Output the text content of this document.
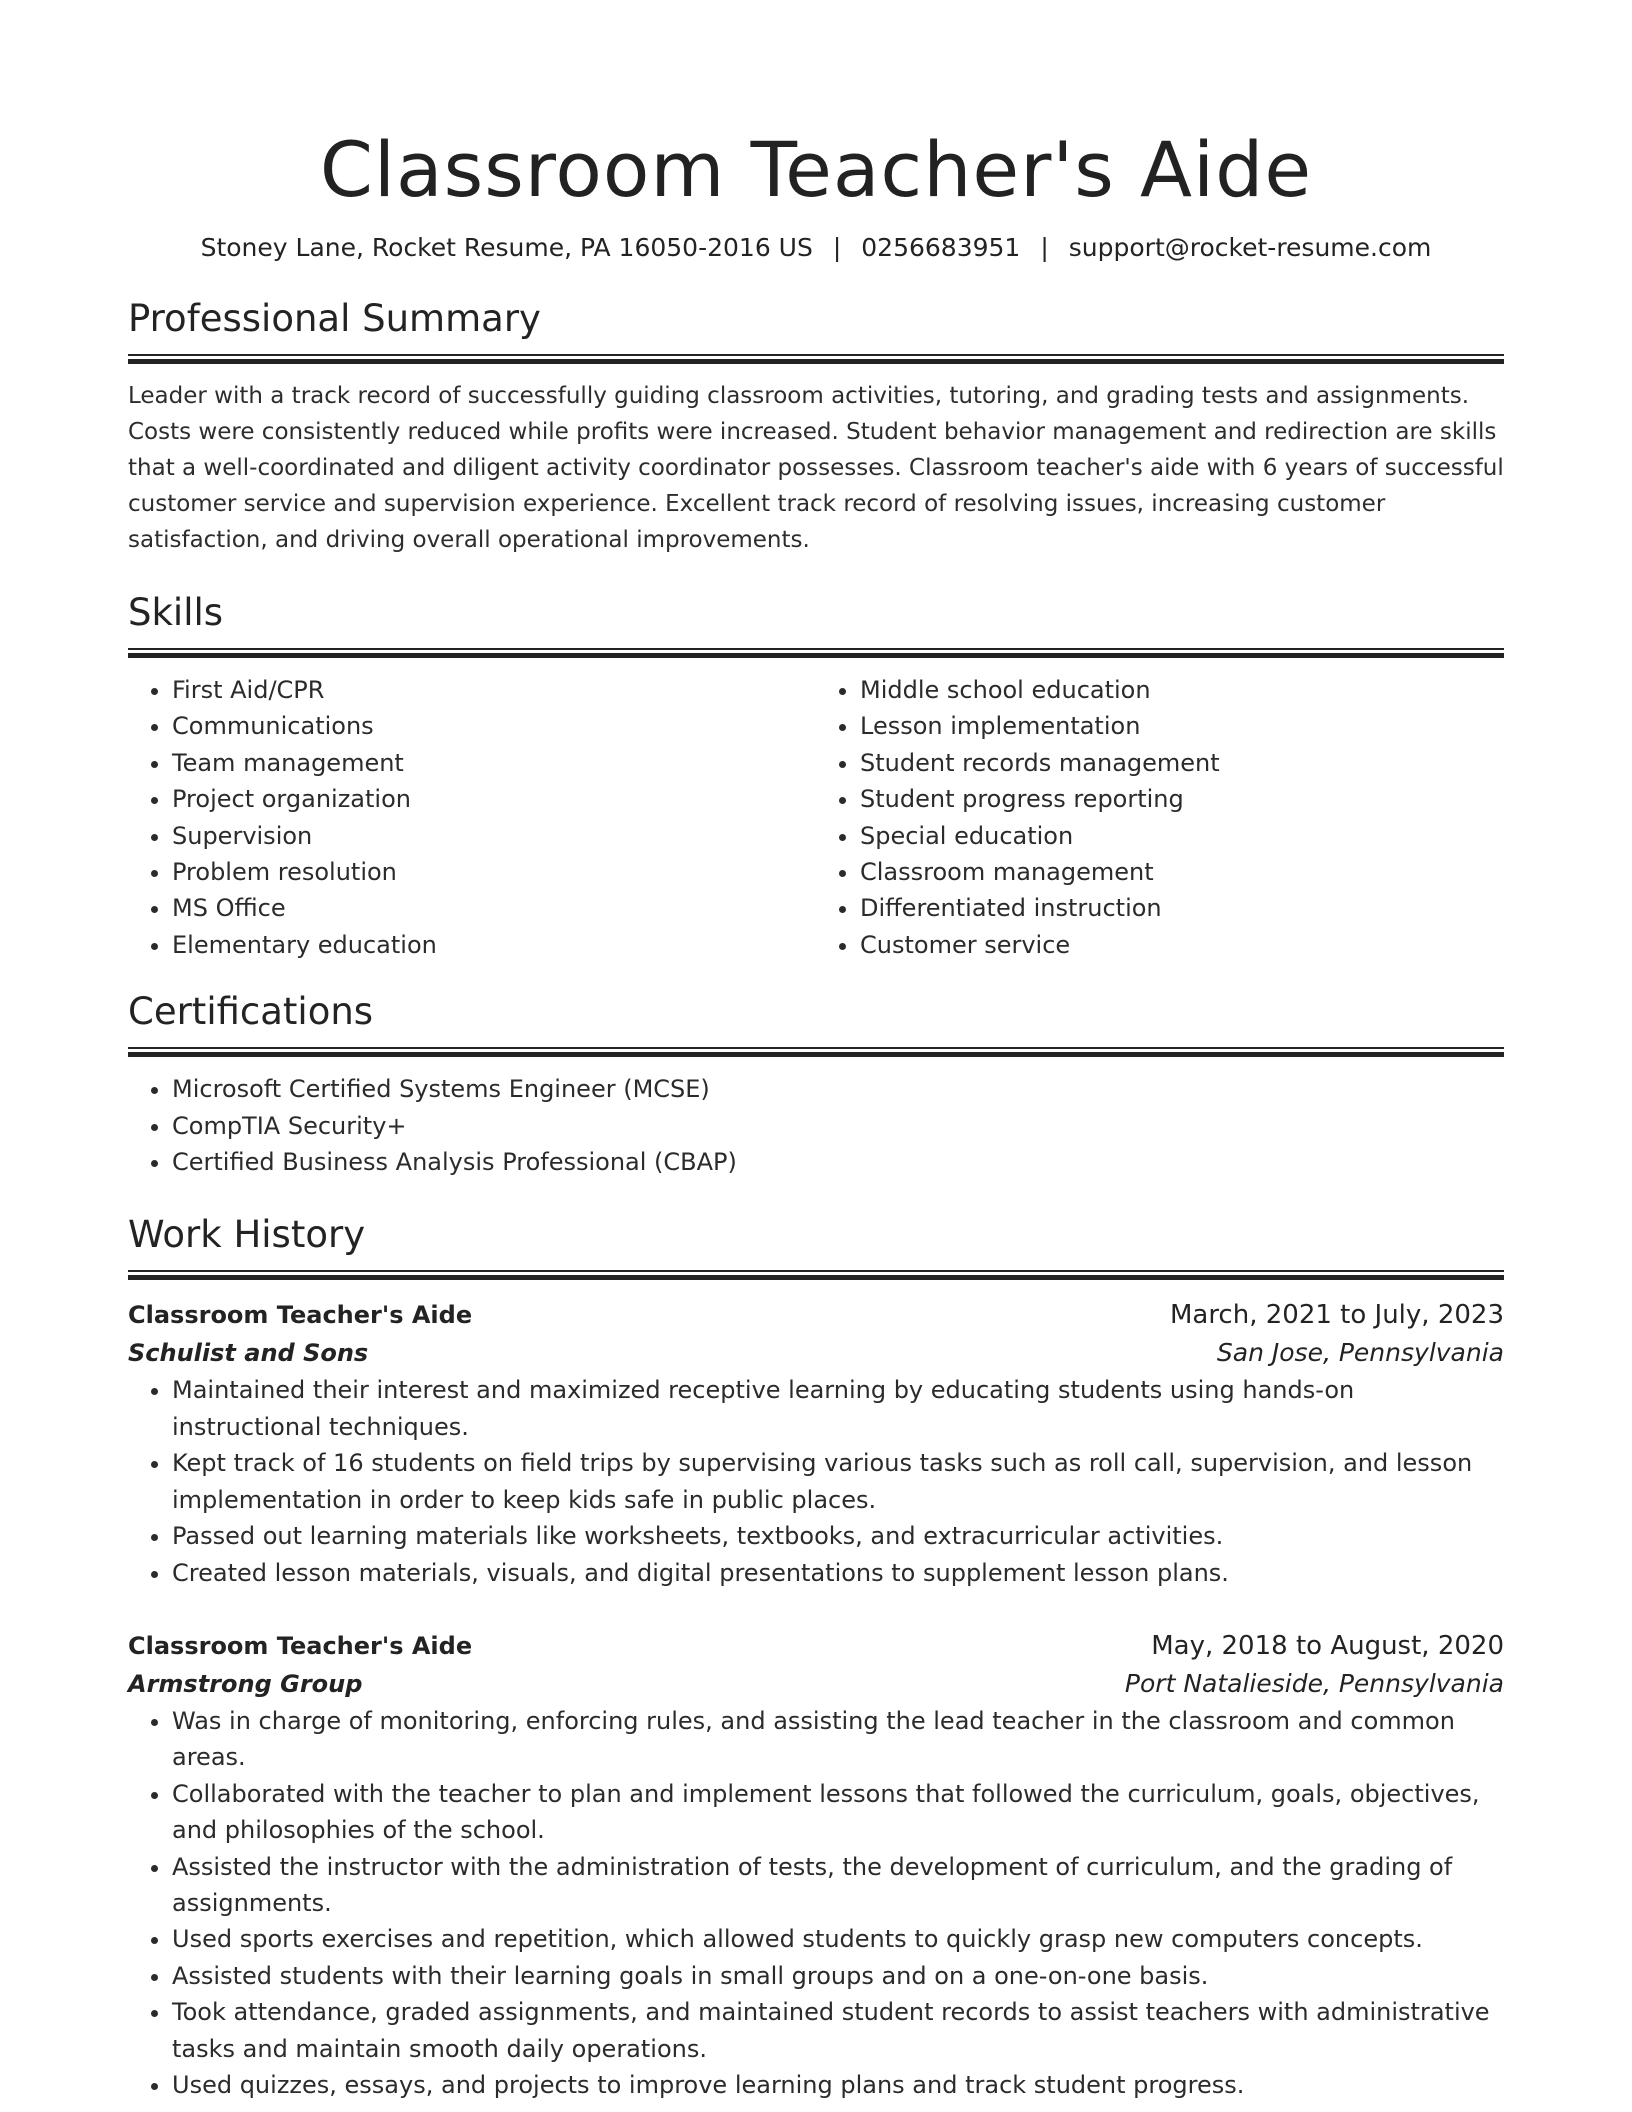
Classroom Teacher's Aide
Stoney Lane, Rocket Resume, PA 16050-2016 US | 0256683951 | support@rocket-resume.com
Professional Summary
Leader with a track record of successfully guiding classroom activities, tutoring, and grading tests and assignments. Costs were consistently reduced while profits were increased. Student behavior management and redirection are skills that a well-coordinated and diligent activity coordinator possesses. Classroom teacher's aide with 6 years of successful customer service and supervision experience. Excellent track record of resolving issues, increasing customer satisfaction, and driving overall operational improvements.
Skills
• First Aid/CPR
• Communications
• Team management
• Project organization
• Supervision
• Problem resolution
• MS Office
• Elementary education
• Middle school education
• Lesson implementation
• Student records management
• Student progress reporting
• Special education
• Classroom management
• Differentiated instruction
• Customer service
Certifications
• Microsoft Certified Systems Engineer (MCSE)
• CompTIA Security+
• Certified Business Analysis Professional (CBAP)
Work History
Classroom Teacher's Aide	March, 2021 to July, 2023
Schulist and Sons	San Jose, Pennsylvania
• Maintained their interest and maximized receptive learning by educating students using hands-on instructional techniques.
• Kept track of 16 students on field trips by supervising various tasks such as roll call, supervision, and lesson implementation in order to keep kids safe in public places.
• Passed out learning materials like worksheets, textbooks, and extracurricular activities.
• Created lesson materials, visuals, and digital presentations to supplement lesson plans.
Classroom Teacher's Aide	May, 2018 to August, 2020
Armstrong Group	Port Natalieside, Pennsylvania
• Was in charge of monitoring, enforcing rules, and assisting the lead teacher in the classroom and common areas.
• Collaborated with the teacher to plan and implement lessons that followed the curriculum, goals, objectives, and philosophies of the school.
• Assisted the instructor with the administration of tests, the development of curriculum, and the grading of assignments.
• Used sports exercises and repetition, which allowed students to quickly grasp new computers concepts.
• Assisted students with their learning goals in small groups and on a one-on-one basis.
• Took attendance, graded assignments, and maintained student records to assist teachers with administrative tasks and maintain smooth daily operations.
• Used quizzes, essays, and projects to improve learning plans and track student progress.
